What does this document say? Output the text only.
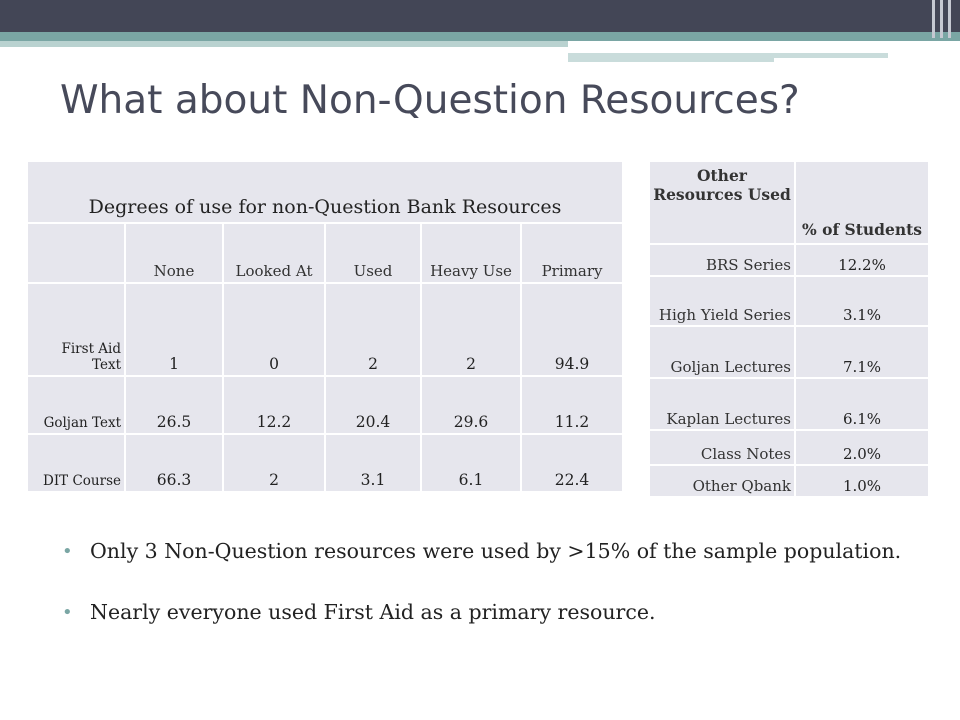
What about Non-Question Resources?
Degrees of use for non-Question Bank Resources					
	None	Looked At	Used	Heavy Use	Primary
First Aid Text	1	0	2	2	94.9
Goljan Text	26.5	12.2	20.4	29.6	11.2
DIT Course	66.3	2	3.1	6.1	22.4
Other Resources Used	% of Students
BRS Series	12.2%
High Yield Series	3.1%
Goljan Lectures	7.1%
Kaplan Lectures	6.1%
Class Notes	2.0%
Other Qbank	1.0%
• Only 3 Non-Question resources were used by >15% of the sample population.
• Nearly everyone used First Aid as a primary resource.
